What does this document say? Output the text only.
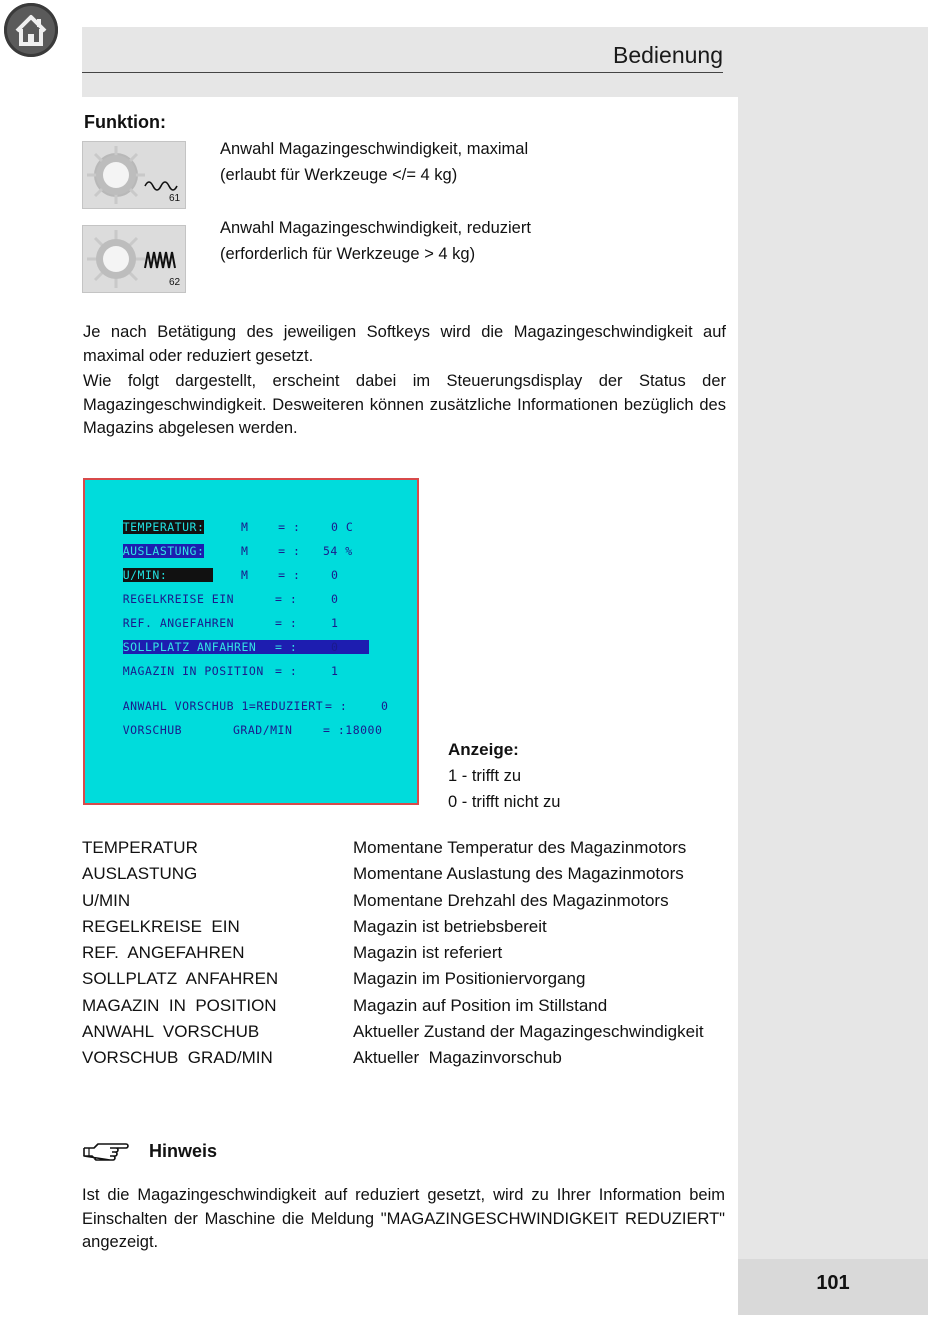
Bedienung
Funktion:
61
62
Anwahl Magazingeschwindigkeit, maximal
(erlaubt für Werkzeuge </= 4 kg)
Anwahl Magazingeschwindigkeit, reduziert
(erforderlich für Werkzeuge > 4 kg)
Je nach Betätigung des jeweiligen Softkeys wird die Magazingeschwindigkeit auf maximal oder reduziert gesetzt.
Wie folgt dargestellt, erscheint dabei im Steuerungsdisplay der Status der Magazingeschwindigkeit. Desweiteren können zusätzliche Informationen bezüglich des Magazins abgelesen werden.

TEMPERATUR:	M    = :	0 C

AUSLASTUNG:	M    = : 54 %

U/MIN:	M    = :	0

REGELKREISE EIN	= :	0

REF. ANGEFAHREN	= :	1

SOLLPLATZ ANFAHREN = :	0

MAGAZIN IN POSITION = :	1

ANWAHL VORSCHUB 1=REDUZIERT = :	0

VORSCHUB	GRAD/MIN	= :18000

Anzeige:
1 - trifft zu
0 - trifft nicht zu
TEMPERATUR	Momentane Temperatur des Magazinmotors
AUSLASTUNG	Momentane Auslastung des Magazinmotors
U/MIN	Momentane Drehzahl des Magazinmotors
REGELKREISE  EIN	Magazin ist betriebsbereit
REF.  ANGEFAHREN	Magazin ist referiert
SOLLPLATZ  ANFAHREN	Magazin im Positioniervorgang
MAGAZIN  IN  POSITION	Magazin auf Position im Stillstand
ANWAHL  VORSCHUB	Aktueller Zustand der Magazingeschwindigkeit
VORSCHUB  GRAD/MIN	Aktueller  Magazinvorschub
Hinweis
Ist die Magazingeschwindigkeit auf reduziert gesetzt, wird zu Ihrer Information beim Einschalten der Maschine die Meldung "MAGAZINGESCHWINDIGKEIT REDUZIERT" angezeigt.
101
